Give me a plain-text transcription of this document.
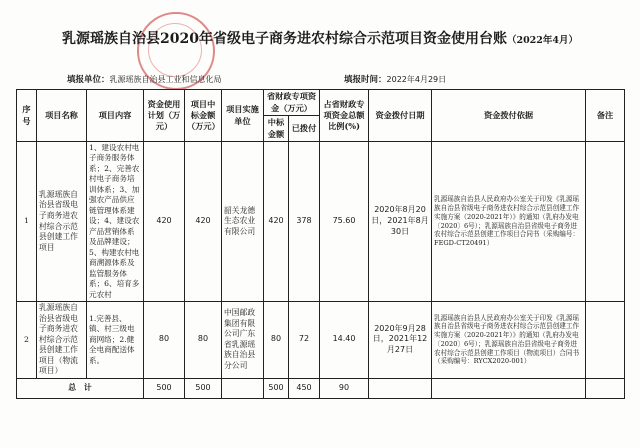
乳源瑶族自治县2020年省级电子商务进农村综合示范项目资金使用台账（2022年4月）
填报单位：乳源瑶族自治县工业和信息化局	填报时间：2022年4月29日
序号	项目名称	项目内容	资金使用计划（万元）	项目中标金额（万元）	项目实施单位	省财政专项资金（万元）		占省财政专项资金总额比例(%)	资金拨付日期	资金拨付依据	备注
						中标金额	已拨付				
1	乳源瑶族自治县省级电子商务进农村综合示范县创建工作项目	1、建设农村电子商务服务体系；2、完善农村电子商务培训体系；3、加强农产品供应链管理体系建设；4、建设农产品营销体系及品牌建设；5、构建农村电商溯源体系及监管服务体系；6、培育多元农村	420	420	韶关龙德生态农业有限公司	420	378	75.60	2020年8月20日，2021年8月30日	乳源瑶族自治县人民政府办公室关于印发《乳源瑶族自治县省级电子商务进农村综合示范县创建工作实施方案（2020-2021年）》的通知（乳府办发电〔2020〕6号）；乳源瑶族自治县省级电子商务进农村综合示范县创建工作项目合同书（采购编号：FEGD-CT20491）	
2	乳源瑶族自治县省级电子商务进农村综合示范县创建工作项目（物流项目）	1.完善县、镇、村三级电商网络；2.健全电商配送体系。	80	80	中国邮政集团有限公司广东省乳源瑶族自治县分公司	80	72	14.40	2020年9月28日，2021年12月27日	乳源瑶族自治县人民政府办公室关于印发《乳源瑶族自治县省级电子商务进农村综合示范县创建工作实施方案（2020-2021年）》的通知（乳府办发电〔2020〕6号）；乳源瑶族自治县省级电子商务进农村综合示范县创建工作项目（物流项目）合同书（采购编号：RYCX2020-001）	
总　计			500	500		500	450	90			
